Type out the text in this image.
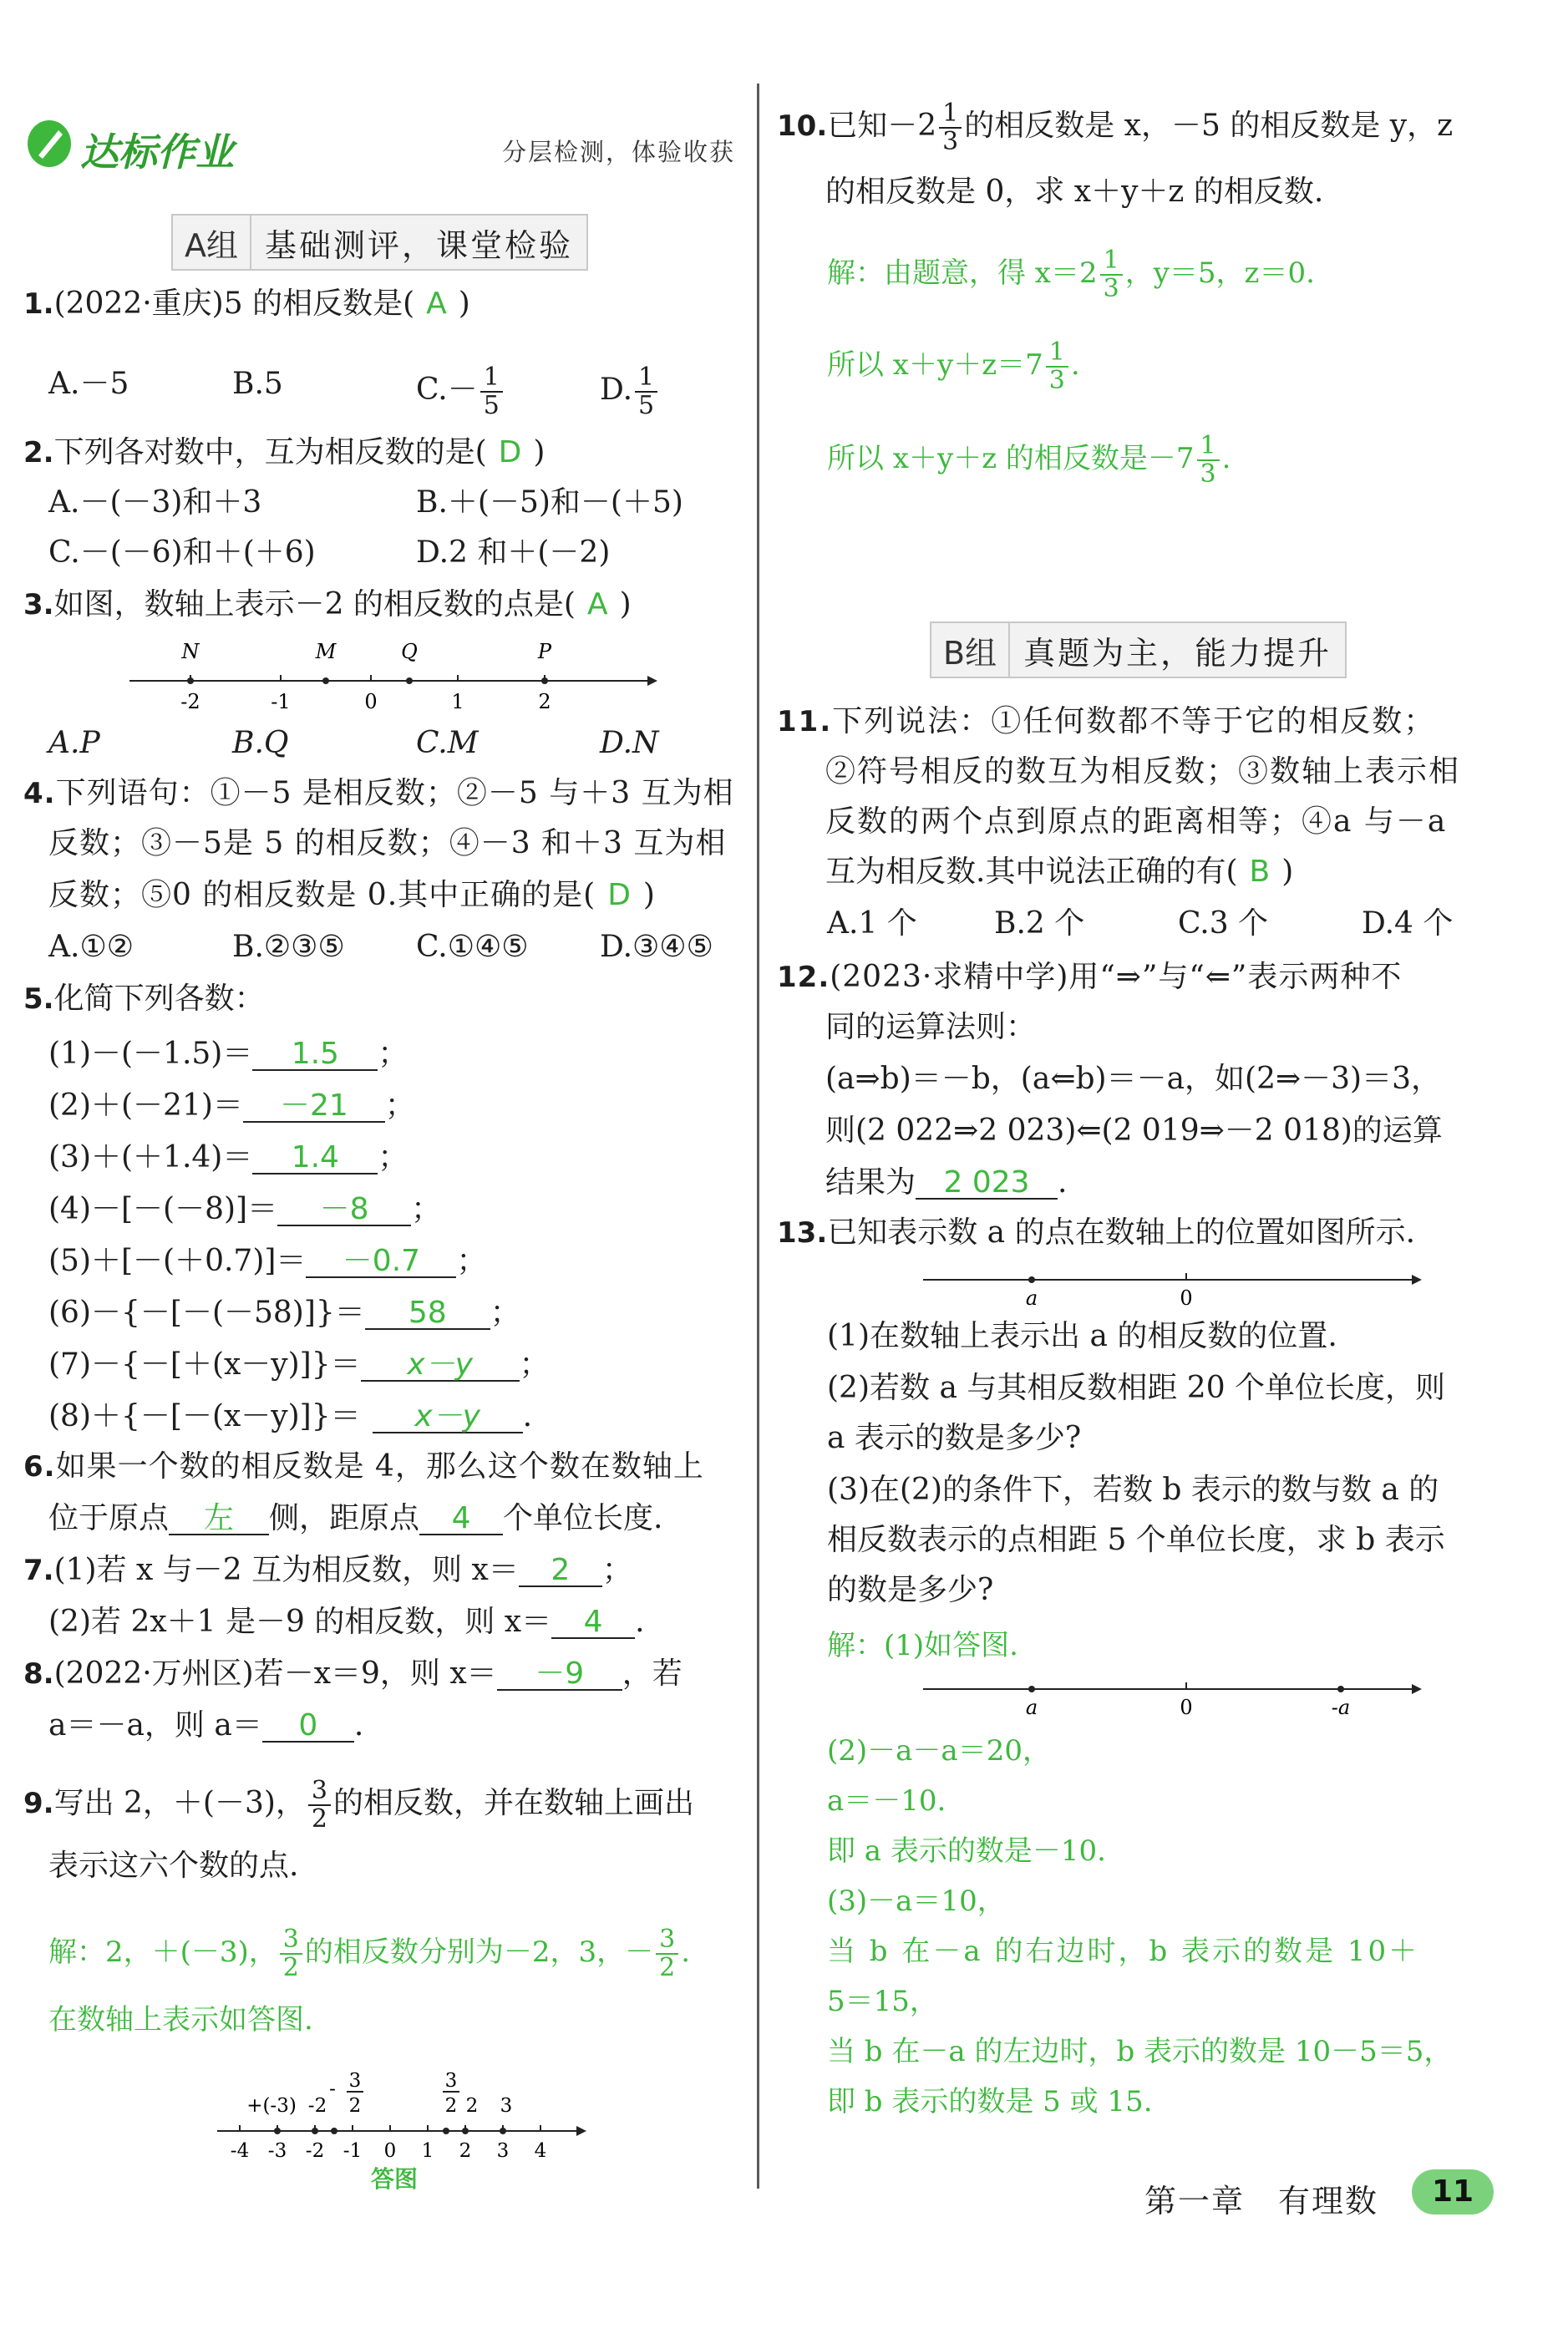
达标作业	分层检测，体验收获
A组 基础测评，课堂检验
1.(2022·重庆)5 的相反数是( A )
A.－5	B.5	$C.- \frac{1}{5}$	D. $\frac{1}{5}$
2.下列各对数中，互为相反数的是( D )
A.－(－3)和＋3	B.＋(－5)和－(＋5)
C.－(－6)和＋(＋6)	D.2 和＋(－2)
3.如图，数轴上表示－2 的相反数的点是( A )
N	M	Q	P
-2	-1	0	1	2
A.P	B.Q	C.M	D.N
4.下列语句：①－5 是相反数；②－5 与＋3 互为相
反数；③－5是 5 的相反数；④－3 和＋3 互为相
反数；⑤0 的相反数是 0.其中正确的是( D )
A.①②	B.②③⑤ C.①④⑤ D.③④⑤
5.化简下列各数：
(1)－(－1.5)＝ 1.5 ；
(2)＋(－21)＝ －21 ；
(3)＋(＋1.4)＝ 1.4 ；
(4)－[－(－8)]＝ －8 ；
(5)＋[－(＋0.7)]＝ －0.7 ；
(6)－{－[－(－58)]}＝ 58 ；
(7)－{－[＋(x－y)]}＝ x－y ；
(8)＋{－[－(x－y)]}＝ x－y .
6.如果一个数的相反数是 4，那么这个数在数轴上
位于原点 左 侧，距原点 4 个单位长度.
7.(1)若 x 与－2 互为相反数，则 x＝ 2 ；
(2)若 2x＋1 是－9 的相反数，则 x＝ 4 .
8.(2022·万州区)若－x＝9，则 x＝ －9 ，若
a＝－a，则 a＝ 0 .
9.写出 2，＋(－3)， $\frac{3}{2}$ 的相反数，并在数轴上画出
表示这六个数的点.
解：2，＋(－3)， $\frac{3}{2}$ 的相反数分别为－2，3，－ $\frac{3}{2}$ .
在数轴上表示如答图.
+(-3) -2
- 3
2
3
2 2 3
-4 -3 -2 -1 0 1 2 3 4
答图
10.已知$-2 \frac{1}{3}$ 的相反数是 x，－5 的相反数是 y，z
的相反数是 0，求 x＋y＋z 的相反数.
解：由题意，得 $x=2 \frac{1}{3}$ ，y＝5，z＝0.
所以 $x+y+z=7 \frac{1}{3}$ .
所以 x＋y＋z 的相反数是$-7 \frac{1}{3}$ .
B组 真题为主，能力提升
11.下列说法：①任何数都不等于它的相反数；
②符号相反的数互为相反数；③数轴上表示相
反数的两个点到原点的距离相等；④a 与－a
互为相反数.其中说法正确的有( B )
A.1 个	B.2 个	C.3 个	D.4 个
12.(2023·求精中学)用“⇒”与“⇐”表示两种不
同的运算法则：
(a⇒b)＝－b，(a⇐b)＝－a，如(2⇒－3)＝3，
则(2 022⇒2 023)⇐(2 019⇒－2 018)的运算
结果为 2 023 .
13.已知表示数 a 的点在数轴上的位置如图所示.
a	0
(1)在数轴上表示出 a 的相反数的位置.
(2)若数 a 与其相反数相距 20 个单位长度，则
a 表示的数是多少?
(3)在(2)的条件下，若数 b 表示的数与数 a 的
相反数表示的点相距 5 个单位长度，求 b 表示
的数是多少?
解：(1)如答图.
a	0	-a
(2)－a－a＝20，
a＝－10.
即 a 表示的数是－10.
(3)－a＝10，
当 b 在－a 的右边时，b 表示的数是 10＋
5＝15，
当 b 在－a 的左边时，b 表示的数是 10－5＝5，
即 b 表示的数是 5 或 15.
第一章　有理数	11
